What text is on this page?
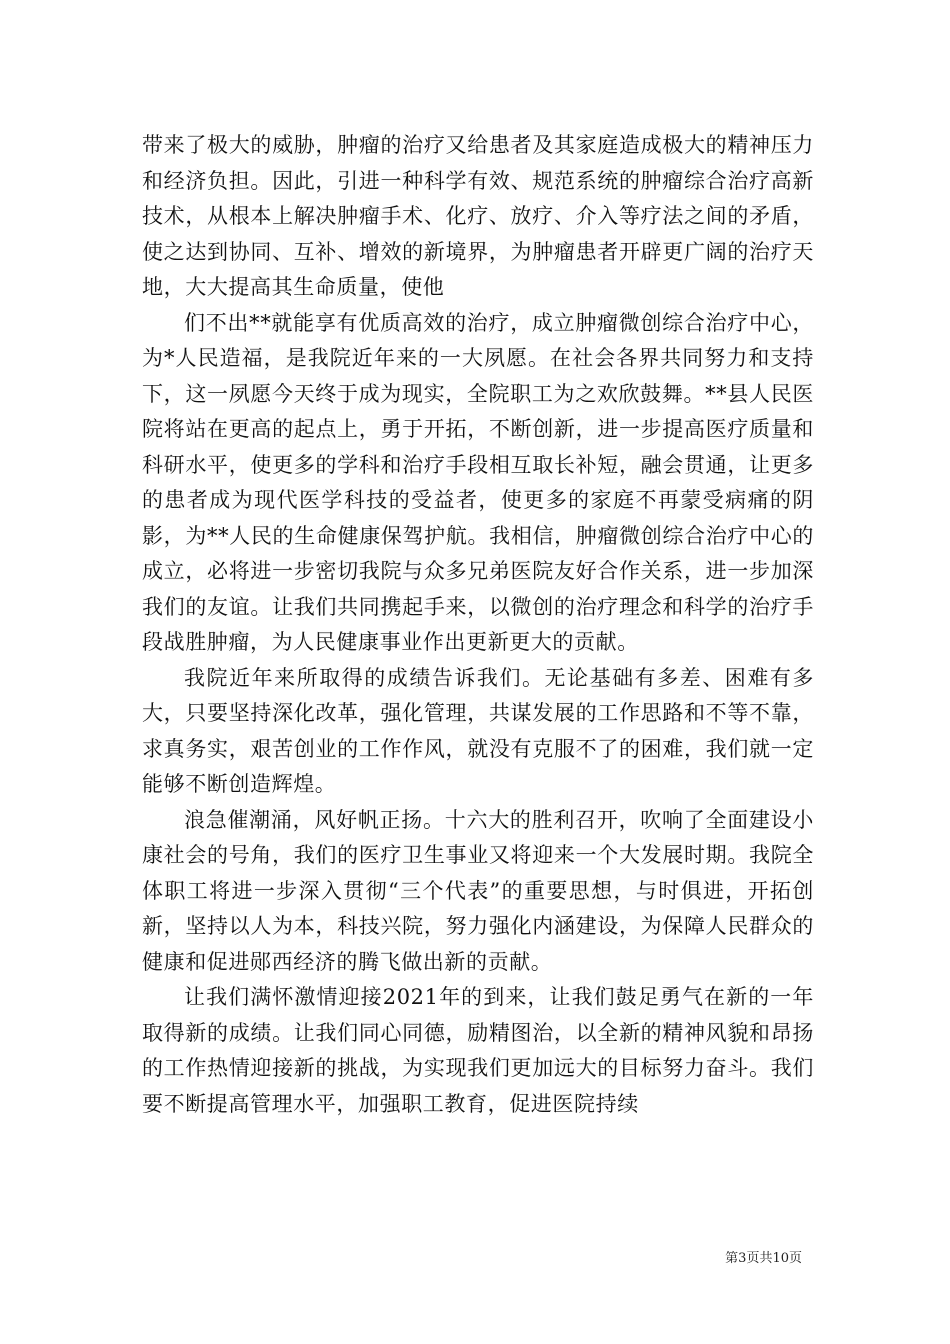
带来了极大的威胁，肿瘤的治疗又给患者及其家庭造成极大的精神压力和经济负担。因此，引进一种科学有效、规范系统的肿瘤综合治疗高新技术，从根本上解决肿瘤手术、化疗、放疗、介入等疗法之间的矛盾，使之达到协同、互补、增效的新境界，为肿瘤患者开辟更广阔的治疗天地，大大提高其生命质量，使他

们不出**就能享有优质高效的治疗，成立肿瘤微创综合治疗中心，为*人民造福，是我院近年来的一大夙愿。在社会各界共同努力和支持下，这一夙愿今天终于成为现实，全院职工为之欢欣鼓舞。**县人民医院将站在更高的起点上，勇于开拓，不断创新，进一步提高医疗质量和科研水平，使更多的学科和治疗手段相互取长补短，融会贯通，让更多的患者成为现代医学科技的受益者，使更多的家庭不再蒙受病痛的阴影，为**人民的生命健康保驾护航。我相信，肿瘤微创综合治疗中心的成立，必将进一步密切我院与众多兄弟医院友好合作关系，进一步加深我们的友谊。让我们共同携起手来，以微创的治疗理念和科学的治疗手段战胜肿瘤，为人民健康事业作出更新更大的贡献。

我院近年来所取得的成绩告诉我们。无论基础有多差、困难有多大，只要坚持深化改革，强化管理，共谋发展的工作思路和不等不靠，求真务实，艰苦创业的工作作风，就没有克服不了的困难，我们就一定能够不断创造辉煌。

浪急催潮涌，风好帆正扬。十六大的胜利召开，吹响了全面建设小康社会的号角，我们的医疗卫生事业又将迎来一个大发展时期。我院全体职工将进一步深入贯彻“三个代表”的重要思想，与时俱进，开拓创新，坚持以人为本，科技兴院，努力强化内涵建设，为保障人民群众的健康和促进郧西经济的腾飞做出新的贡献。

让我们满怀激情迎接2021年的到来，让我们鼓足勇气在新的一年取得新的成绩。让我们同心同德，励精图治，以全新的精神风貌和昂扬的工作热情迎接新的挑战，为实现我们更加远大的目标努力奋斗。我们要不断提高管理水平，加强职工教育，促进医院持续

第3页共10页
